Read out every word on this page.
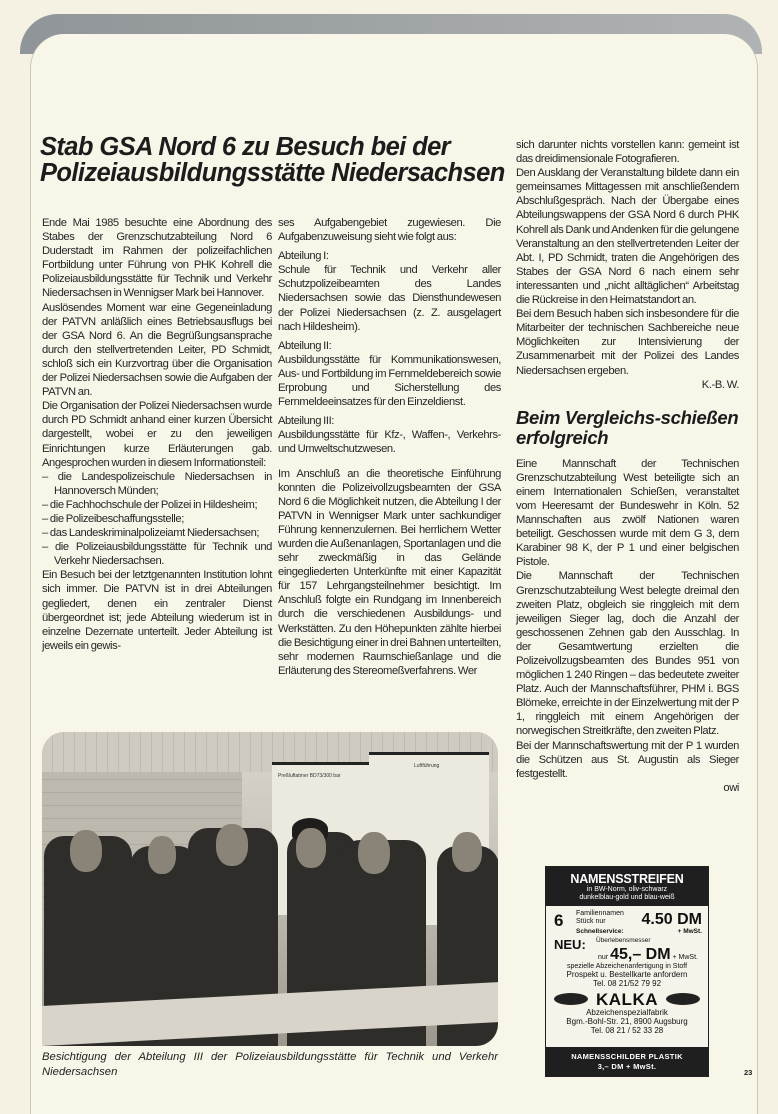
Stab GSA Nord 6 zu Besuch bei der Polizeiausbildungsstätte Niedersachsen

Ende Mai 1985 besuchte eine Abordnung des Stabes der Grenzschutzabteilung Nord 6 Duderstadt im Rahmen der polizeifachlichen Fortbildung unter Führung von PHK Kohrell die Polizeiausbildungsstätte für Technik und Verkehr Niedersachsen in Wennigser Mark bei Hannover.

Auslösendes Moment war eine Gegeneinladung der PATVN anläßlich eines Betriebsausflugs bei der GSA Nord 6. An die Begrüßungsansprache durch den stellvertretenden Leiter, PD Schmidt, schloß sich ein Kurzvortrag über die Organisation der Polizei Niedersachsen sowie die Aufgaben der PATVN an.

Die Organisation der Polizei Niedersachsen wurde durch PD Schmidt anhand einer kurzen Übersicht dargestellt, wobei er zu den jeweiligen Einrichtungen kurze Erläuterungen gab. Angesprochen wurden in diesem Informationsteil:

– die Landespolizeischule Niedersachsen in Hannoversch Münden;
– die Fachhochschule der Polizei in Hildesheim;
– die Polizeibeschaffungsstelle;
– das Landeskriminalpolizeiamt Niedersachsen;
– die Polizeiausbildungsstätte für Technik und Verkehr Niedersachsen.

Ein Besuch bei der letztgenannten Institution lohnt sich immer. Die PATVN ist in drei Abteilungen gegliedert, denen ein zentraler Dienst übergeordnet ist; jede Abteilung wiederum ist in einzelne Dezernate unterteilt. Jeder Abteilung ist jeweils ein gewis-

ses Aufgabengebiet zugewiesen. Die Aufgabenzuweisung sieht wie folgt aus:

Abteilung I:

Schule für Technik und Verkehr aller Schutzpolizeibeamten des Landes Niedersachsen sowie das Diensthundewesen der Polizei Niedersachsen (z. Z. ausgelagert nach Hildesheim).

Abteilung II:

Ausbildungsstätte für Kommunikationswesen, Aus- und Fortbildung im Fernmeldebereich sowie Erprobung und Sicherstellung des Fernmeldeeinsatzes für den Einzeldienst.

Abteilung III:

Ausbildungsstätte für Kfz-, Waffen-, Verkehrs- und Umweltschutzwesen.

Im Anschluß an die theoretische Einführung konnten die Polizeivollzugsbeamten der GSA Nord 6 die Möglichkeit nutzen, die Abteilung I der PATVN in Wennigser Mark unter sachkundiger Führung kennenzulernen. Bei herrlichem Wetter wurden die Außenanlagen, Sportanlagen und die sehr zweckmäßig in das Gelände eingegliederten Unterkünfte mit einer Kapazität für 157 Lehrgangsteilnehmer besichtigt. Im Anschluß folgte ein Rundgang im Innenbereich durch die verschiedenen Ausbildungs- und Werkstätten. Zu den Höhepunkten zählte hierbei die Besichtigung einer in drei Bahnen unterteilten, sehr modernen Raumschießanlage und die Erläuterung des Stereomeßverfahrens. Wer

sich darunter nichts vorstellen kann: gemeint ist das dreidimensionale Fotografieren.

Den Ausklang der Veranstaltung bildete dann ein gemeinsames Mittagessen mit anschließendem Abschlußgespräch. Nach der Übergabe eines Abteilungswappens der GSA Nord 6 durch PHK Kohrell als Dank und Andenken für die gelungene Veranstaltung an den stellvertretenden Leiter der Abt. I, PD Schmidt, traten die Angehörigen des Stabes der GSA Nord 6 nach einem sehr interessanten und „nicht alltäglichen“ Arbeitstag die Rückreise in den Heimatstandort an.

Bei dem Besuch haben sich insbesondere für die Mitarbeiter der technischen Sachbereiche neue Möglichkeiten zur Intensivierung der Zusammenarbeit mit der Polizei des Landes Niedersachsen ergeben.

K.-B. W.

Beim Vergleichs-schießen erfolgreich

Eine Mannschaft der Technischen Grenzschutzabteilung West beteiligte sich an einem Internationalen Schießen, veranstaltet vom Heeresamt der Bundeswehr in Köln. 52 Mannschaften aus zwölf Nationen waren beteiligt. Geschossen wurde mit dem G 3, dem Karabiner 98 K, der P 1 und einer belgischen Pistole.

Die Mannschaft der Technischen Grenzschutzabteilung West belegte dreimal den zweiten Platz, obgleich sie ringgleich mit dem jeweiligen Sieger lag, doch die Anzahl der geschossenen Zehnen gab den Ausschlag. In der Gesamtwertung erzielten die Polizeivollzugsbeamten des Bundes 951 von möglichen 1 240 Ringen – das bedeutete zweiter Platz. Auch der Mannschaftsführer, PHM i. BGS Blömeke, erreichte in der Einzelwertung mit der P 1, ringgleich mit einem Angehörigen der norwegischen Streitkräfte, den zweiten Platz.

Bei der Mannschaftswertung mit der P 1 wurden die Schützen aus St. Augustin als Sieger festgestellt.

owi

Preßluftatmer BD73/300 bar
Luftführung
Besichtigung der Abteilung III der Polizeiausbildungsstätte für Technik und Verkehr Niedersachsen
NAMENSSTREIFEN
in BW-Norm, oliv-schwarz
dunkelblau-gold und blau-weiß
6 Familiennamen
Stück nur	4.50 DM
Schnellservice:	+ MwSt.
NEU: Überlebensmesser
nur 45,– DM + MwSt.
spezielle Abzeichenanfertigung in Stoff
Prospekt u. Bestellkarte anfordern
Tel. 08 21/52 79 92
KALKA
Abzeichenspezialfabrik
Bgm.-Bohl-Str. 21, 8900 Augsburg
Tel. 08 21 / 52 33 28
NAMENSSCHILDER PLASTIK
3,– DM + MwSt.
23
